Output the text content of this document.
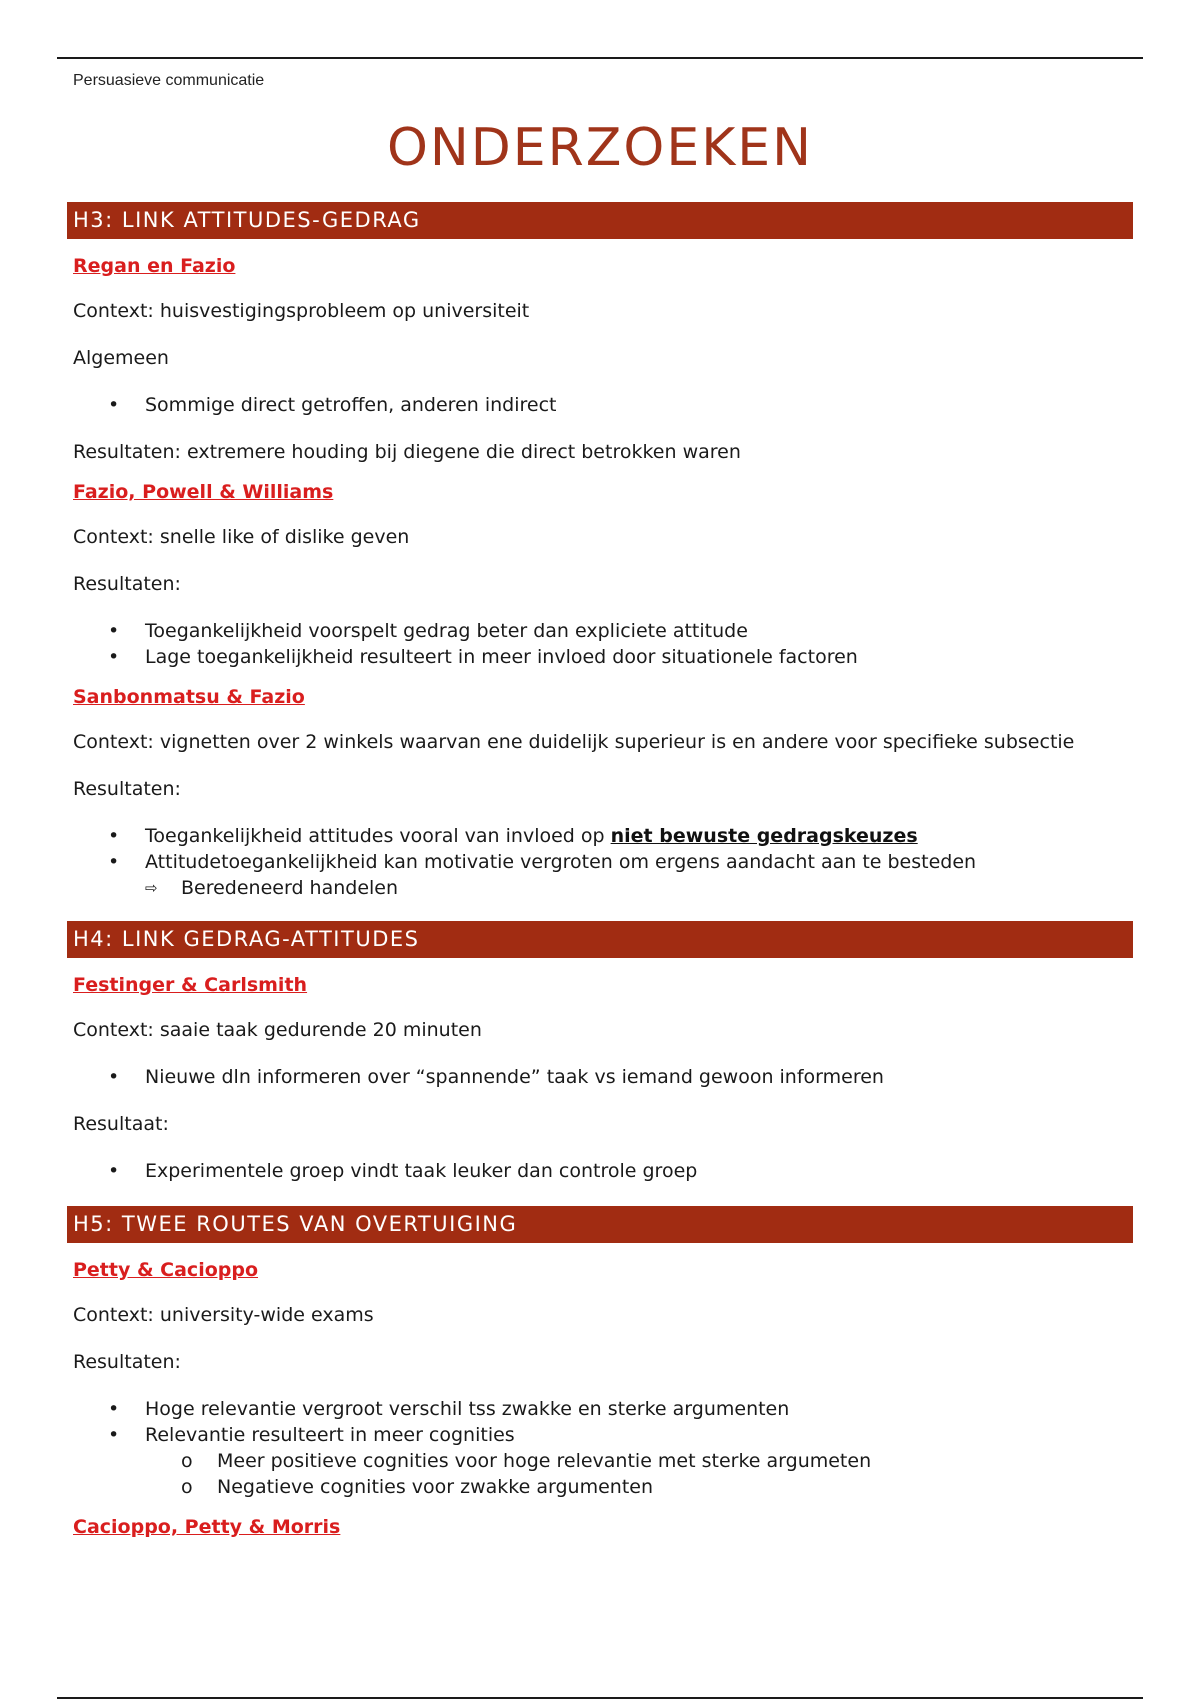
Persuasieve communicatie
ONDERZOEKEN
H3: LINK ATTITUDES-GEDRAG
Regan en Fazio

Context: huisvestigingsprobleem op universiteit

Algemeen

• Sommige direct getroffen, anderen indirect

Resultaten: extremere houding bij diegene die direct betrokken waren

Fazio, Powell & Williams

Context: snelle like of dislike geven

Resultaten:

• Toegankelijkheid voorspelt gedrag beter dan expliciete attitude
• Lage toegankelijkheid resulteert in meer invloed door situationele factoren
Sanbonmatsu & Fazio

Context: vignetten over 2 winkels waarvan ene duidelijk superieur is en andere voor specifieke subsectie

Resultaten:

• Toegankelijkheid attitudes vooral van invloed op niet bewuste gedragskeuzes
• Attitudetoegankelijkheid kan motivatie vergroten om ergens aandacht aan te besteden
⇨ Beredeneerd handelen
H4: LINK GEDRAG-ATTITUDES
Festinger & Carlsmith

Context: saaie taak gedurende 20 minuten

• Nieuwe dln informeren over “spannende” taak vs iemand gewoon informeren

Resultaat:

• Experimentele groep vindt taak leuker dan controle groep
H5: TWEE ROUTES VAN OVERTUIGING
Petty & Cacioppo

Context: university-wide exams

Resultaten:

• Hoge relevantie vergroot verschil tss zwakke en sterke argumenten
• Relevantie resulteert in meer cognities
o Meer positieve cognities voor hoge relevantie met sterke argumeten
o Negatieve cognities voor zwakke argumenten
Cacioppo, Petty & Morris
